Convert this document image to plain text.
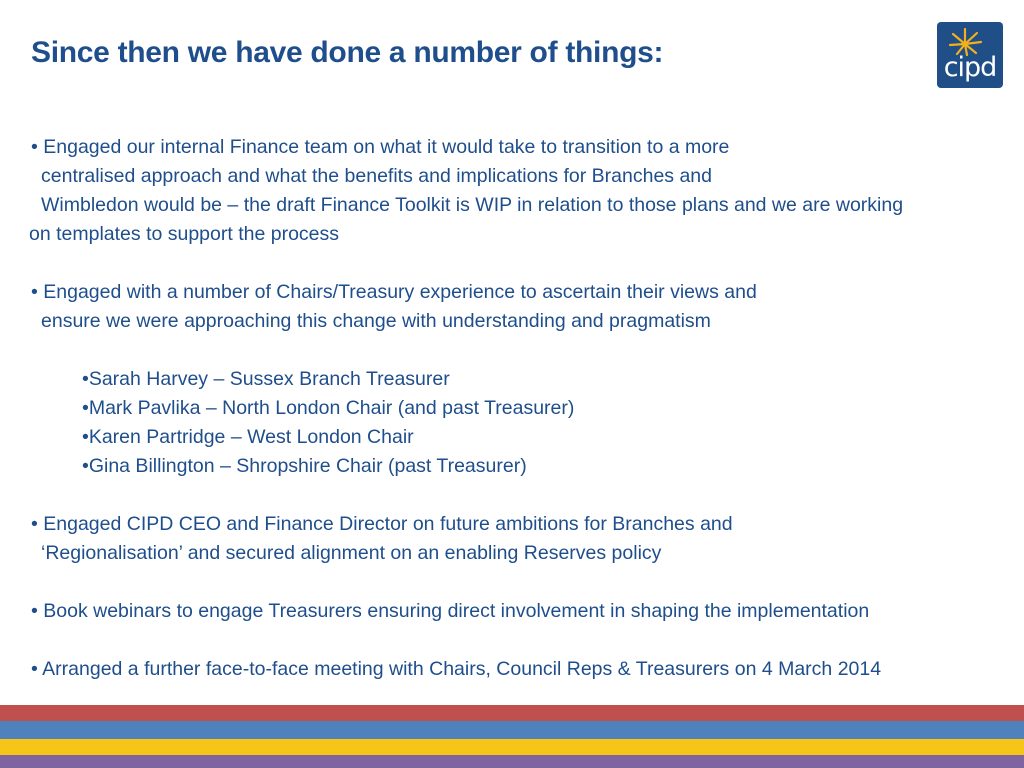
Since then we have done a number of things:	cipd
• Engaged our internal Finance team on what it would take to transition to a more
centralised approach and what the benefits and implications for Branches and
Wimbledon would be – the draft Finance Toolkit is WIP in relation to those plans and we are working
on templates to support the process
• Engaged with a number of Chairs/Treasury experience to ascertain their views and
ensure we were approaching this change with understanding and pragmatism
•Sarah Harvey – Sussex Branch Treasurer
•Mark Pavlika – North London Chair (and past Treasurer)
•Karen Partridge – West London Chair
•Gina Billington – Shropshire Chair (past Treasurer)
• Engaged CIPD CEO and Finance Director on future ambitions for Branches and
‘Regionalisation’ and secured alignment on an enabling Reserves policy
• Book webinars to engage Treasurers ensuring direct involvement in shaping the implementation
• Arranged a further face-to-face meeting with Chairs, Council Reps & Treasurers on 4 March 2014
